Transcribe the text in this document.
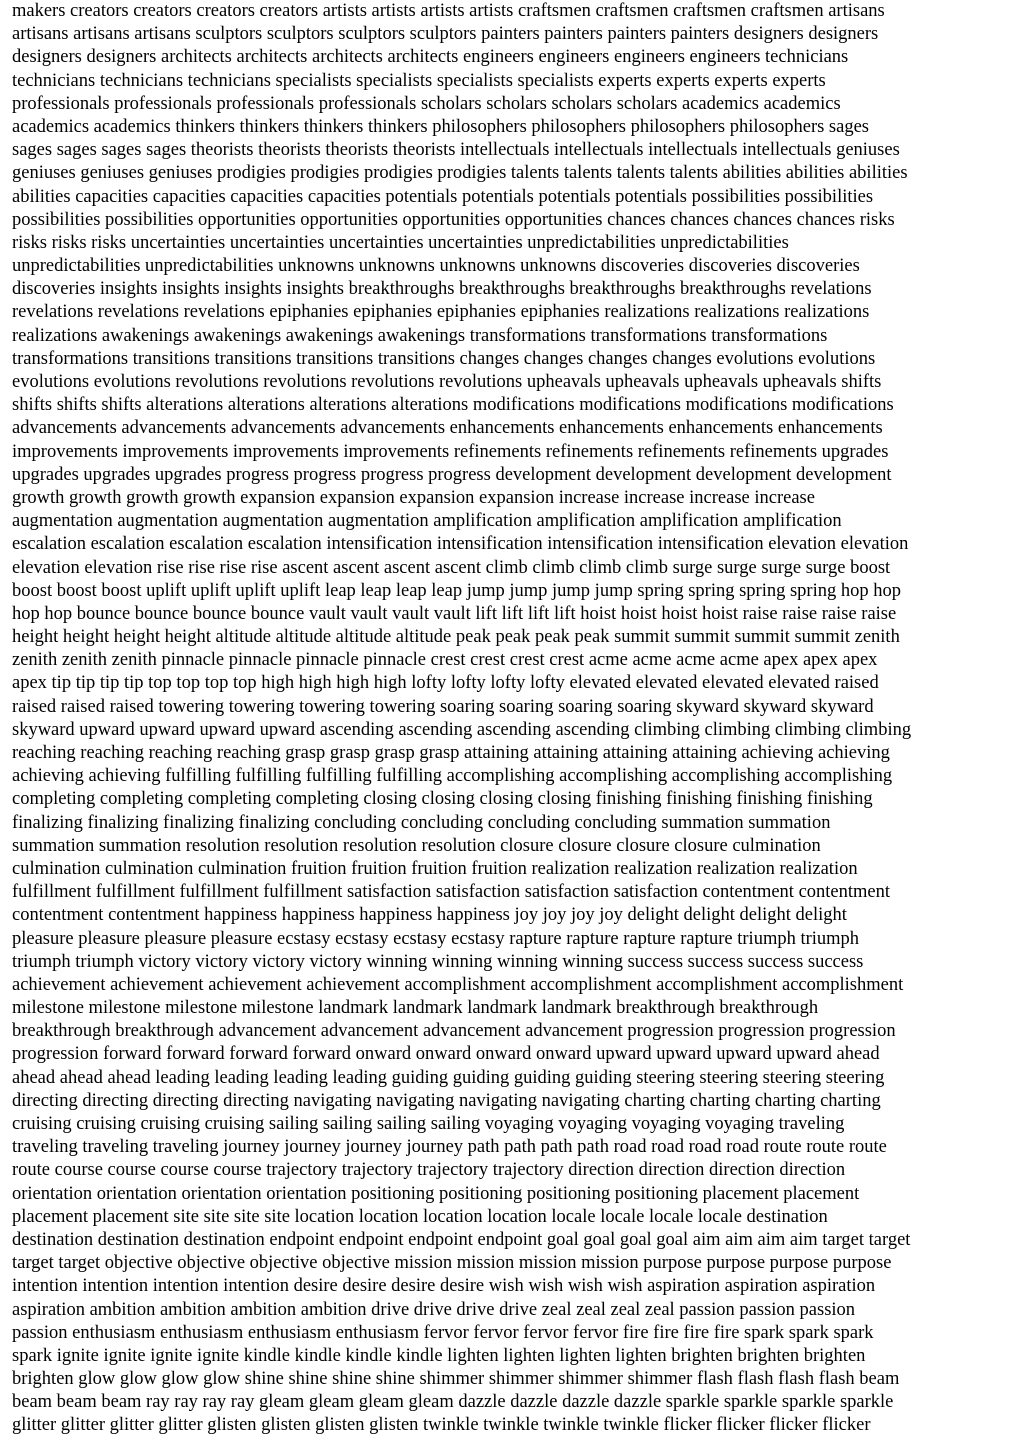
makers creators creators creators creators artists artists artists artists craftsmen craftsmen craftsmen craftsmen artisans
artisans artisans artisans sculptors sculptors sculptors sculptors painters painters painters painters designers designers
designers designers architects architects architects architects engineers engineers engineers engineers technicians
technicians technicians technicians specialists specialists specialists specialists experts experts experts experts
professionals professionals professionals professionals scholars scholars scholars scholars academics academics
academics academics thinkers thinkers thinkers thinkers philosophers philosophers philosophers philosophers sages
sages sages sages sages theorists theorists theorists theorists intellectuals intellectuals intellectuals intellectuals geniuses
geniuses geniuses geniuses prodigies prodigies prodigies prodigies talents talents talents talents abilities abilities abilities
abilities capacities capacities capacities capacities potentials potentials potentials potentials possibilities possibilities
possibilities possibilities opportunities opportunities opportunities opportunities chances chances chances chances risks
risks risks risks uncertainties uncertainties uncertainties uncertainties unpredictabilities unpredictabilities
unpredictabilities unpredictabilities unknowns unknowns unknowns unknowns discoveries discoveries discoveries
discoveries insights insights insights insights breakthroughs breakthroughs breakthroughs breakthroughs revelations
revelations revelations revelations epiphanies epiphanies epiphanies epiphanies realizations realizations realizations
realizations awakenings awakenings awakenings awakenings transformations transformations transformations
transformations transitions transitions transitions transitions changes changes changes changes evolutions evolutions
evolutions evolutions revolutions revolutions revolutions revolutions upheavals upheavals upheavals upheavals shifts
shifts shifts shifts alterations alterations alterations alterations modifications modifications modifications modifications
advancements advancements advancements advancements enhancements enhancements enhancements enhancements
improvements improvements improvements improvements refinements refinements refinements refinements upgrades
upgrades upgrades upgrades progress progress progress progress development development development development
growth growth growth growth expansion expansion expansion expansion increase increase increase increase
augmentation augmentation augmentation augmentation amplification amplification amplification amplification
escalation escalation escalation escalation intensification intensification intensification intensification elevation elevation
elevation elevation rise rise rise rise ascent ascent ascent ascent climb climb climb climb surge surge surge surge boost
boost boost boost uplift uplift uplift uplift leap leap leap leap jump jump jump jump spring spring spring spring hop hop
hop hop bounce bounce bounce bounce vault vault vault vault lift lift lift lift hoist hoist hoist hoist raise raise raise raise
height height height height altitude altitude altitude altitude peak peak peak peak summit summit summit summit zenith
zenith zenith zenith pinnacle pinnacle pinnacle pinnacle crest crest crest crest acme acme acme acme apex apex apex
apex tip tip tip tip top top top top high high high high lofty lofty lofty lofty elevated elevated elevated elevated raised
raised raised raised towering towering towering towering soaring soaring soaring soaring skyward skyward skyward
skyward upward upward upward upward ascending ascending ascending ascending climbing climbing climbing climbing
reaching reaching reaching reaching grasp grasp grasp grasp attaining attaining attaining attaining achieving achieving
achieving achieving fulfilling fulfilling fulfilling fulfilling accomplishing accomplishing accomplishing accomplishing
completing completing completing completing closing closing closing closing finishing finishing finishing finishing
finalizing finalizing finalizing finalizing concluding concluding concluding concluding summation summation
summation summation resolution resolution resolution resolution closure closure closure closure culmination
culmination culmination culmination fruition fruition fruition fruition realization realization realization realization
fulfillment fulfillment fulfillment fulfillment satisfaction satisfaction satisfaction satisfaction contentment contentment
contentment contentment happiness happiness happiness happiness joy joy joy joy delight delight delight delight
pleasure pleasure pleasure pleasure ecstasy ecstasy ecstasy ecstasy rapture rapture rapture rapture triumph triumph
triumph triumph victory victory victory victory winning winning winning winning success success success success
achievement achievement achievement achievement accomplishment accomplishment accomplishment accomplishment
milestone milestone milestone milestone landmark landmark landmark landmark breakthrough breakthrough
breakthrough breakthrough advancement advancement advancement advancement progression progression progression
progression forward forward forward forward onward onward onward onward upward upward upward upward ahead
ahead ahead ahead leading leading leading leading guiding guiding guiding guiding steering steering steering steering
directing directing directing directing navigating navigating navigating navigating charting charting charting charting
cruising cruising cruising cruising sailing sailing sailing sailing voyaging voyaging voyaging voyaging traveling
traveling traveling traveling journey journey journey journey path path path path road road road road route route route
route course course course course trajectory trajectory trajectory trajectory direction direction direction direction
orientation orientation orientation orientation positioning positioning positioning positioning placement placement
placement placement site site site site location location location location locale locale locale locale destination
destination destination destination endpoint endpoint endpoint endpoint goal goal goal goal aim aim aim aim target target
target target objective objective objective objective mission mission mission mission purpose purpose purpose purpose
intention intention intention intention desire desire desire desire wish wish wish wish aspiration aspiration aspiration
aspiration ambition ambition ambition ambition drive drive drive drive zeal zeal zeal zeal passion passion passion
passion enthusiasm enthusiasm enthusiasm enthusiasm fervor fervor fervor fervor fire fire fire fire spark spark spark
spark ignite ignite ignite ignite kindle kindle kindle kindle lighten lighten lighten lighten brighten brighten brighten
brighten glow glow glow glow shine shine shine shine shimmer shimmer shimmer shimmer flash flash flash flash beam
beam beam beam ray ray ray ray gleam gleam gleam gleam dazzle dazzle dazzle dazzle sparkle sparkle sparkle sparkle
glitter glitter glitter glitter glisten glisten glisten glisten twinkle twinkle twinkle twinkle flicker flicker flicker flicker
